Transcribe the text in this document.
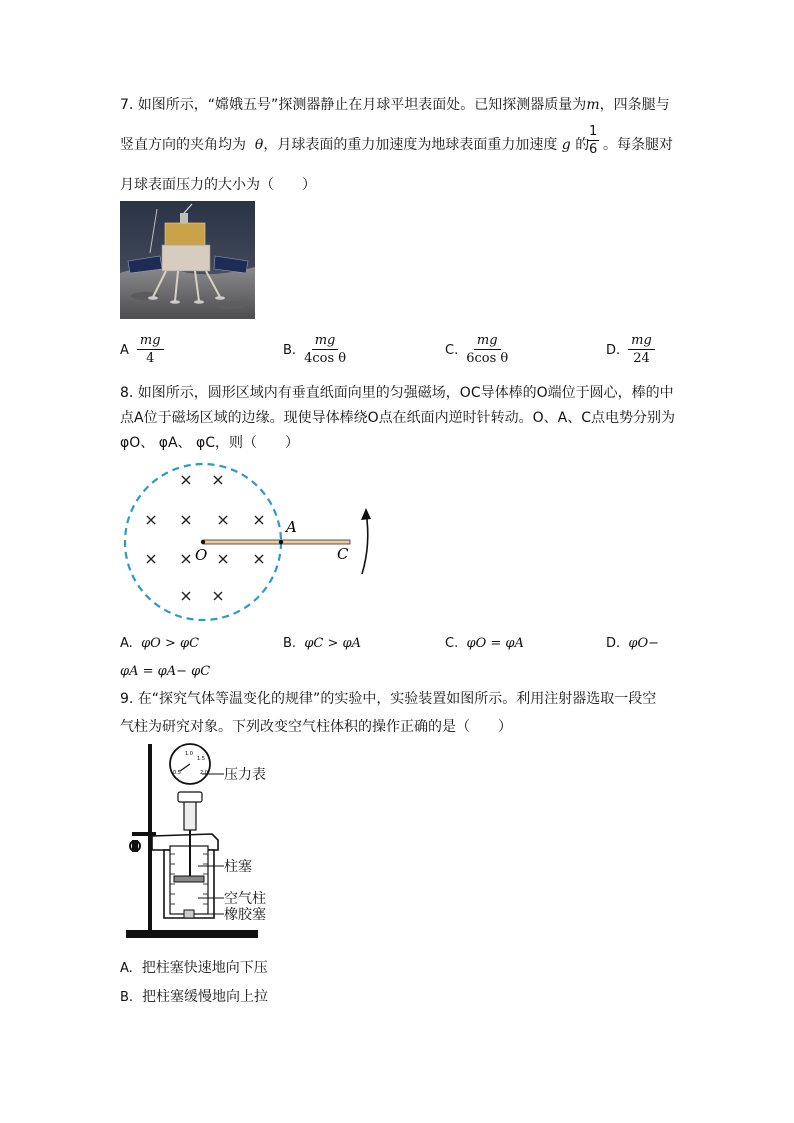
7. 如图所示，“嫦娥五号”探测器静止在月球平坦表面处。已知探测器质量为m，四条腿与
竖直方向的夹角均为 θ，月球表面的重力加速度为地球表面重力加速度 g 的
1
6 。每条腿对
月球表面压力的大小为（　　）
A $\frac{mg}{4}$	B. $\frac{mg}{\text{4cos θ}}$	C. $\frac{mg}{\text{6cos θ}}$	D. $\frac{mg}{24}$
8. 如图所示，圆形区域内有垂直纸面向里的匀强磁场，OC导体棒的O端位于圆心，棒的中
点A位于磁场区域的边缘。现使导体棒绕O点在纸面内逆时针转动。O、A、C点电势分别为
φO、 φA、 φC，则（　　）
O
A
C
A.
φO > φC	B.
φC > φA	C.
φO = φA	D.
φO−
φA = φA− φC
9. 在“探究气体等温变化的规律”的实验中，实验装置如图所示。利用注射器选取一段空
气柱为研究对象。下列改变空气柱体积的操作正确的是（　　）
0.5
1.0
1.5
2.0 压力表
柱塞
空气柱
橡胶塞
A. 把柱塞快速地向下压
B. 把柱塞缓慢地向上拉
